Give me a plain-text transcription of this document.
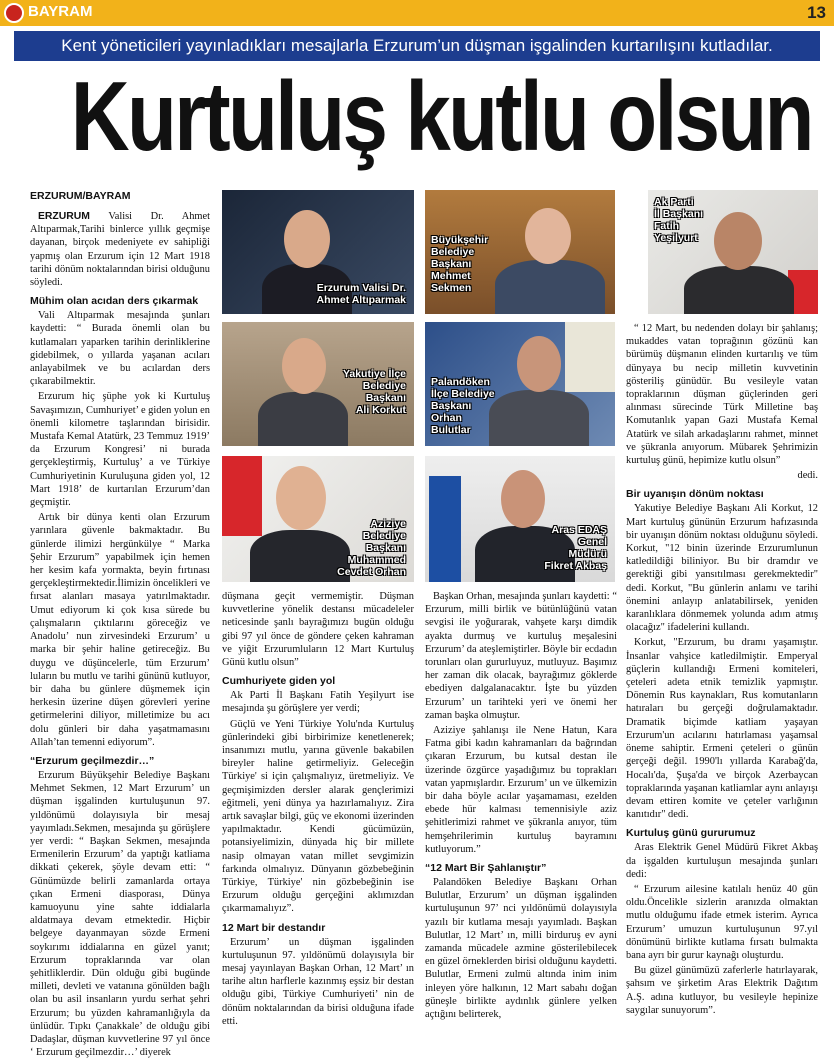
BAYRAM	13
Kent yöneticileri yayınladıkları mesajlarla Erzurum’un düşman işgalinden kurtarılışını kutladılar.
Kurtuluş kutlu olsun
ERZURUM/BAYRAM

ERZURUM Valisi Dr. Ahmet Altıparmak,Tarihi binlerce yıllık geçmişe dayanan, birçok medeniyete ev sahipliği yapmış olan Erzurum için 12 Mart 1918 tarihi dönüm noktalarından birisi olduğunu söyledi.

Mühim olan acıdan ders çıkarmak

Vali Altıparmak mesajında şunları kaydetti: “ Burada önemli olan bu kutlamaları yaparken tarihin derinliklerine gidebilmek, o yıllarda yaşanan acıları anlayabilmek ve bu acılardan ders çıkarabilmektir.

Erzurum hiç şüphe yok ki Kurtuluş Savaşımızın, Cumhuriyet’ e giden yolun en önemli kilometre taşlarından birisidir. Mustafa Kemal Atatürk, 23 Temmuz 1919’ da Erzurum Kongresi’ ni burada gerçekleştirmiş, Kurtuluş’ a ve Türkiye Cumhuriyetinin Kuruluşuna giden yol, 12 Mart 1918’ de kurtarılan Erzurum’dan geçmiştir.

Artık bir dünya kenti olan Erzurum yarınlara güvenle bakmaktadır. Bu günlerde ilimizi hergünkülye “ Marka Şehir Erzurum” yapabilmek için hemen her kesim kafa yormakta, beyin fırtınası gerçekleştirmektedir.İlimizin öncelikleri ve fırsat alanları masaya yatırılmaktadır. Umut ediyorum ki çok kısa sürede bu çalışmaların çıktılarını göreceğiz ve Anadolu’ nun zirvesindeki Erzurum’ u marka bir şehir haline getireceğiz. Bu duygu ve düşüncelerle, tüm Erzurum’ luların bu mutlu ve tarihi gününü kutluyor, bir daha bu günlere düşmemek için herkesin üzerine düşen görevleri yerine getirmelerini diliyor, milletimize bu acı dolu günleri bir daha yaşatmamasını Allah’tan temenni ediyorum”.

“Erzurum geçilmezdir…”

Erzurum Büyükşehir Belediye Başkanı Mehmet Sekmen, 12 Mart Erzurum’ un düşman işgalinden kurtuluşunun 97. yıldönümü dolayısıyla bir mesaj yayımladı.Sekmen, mesajında şu görüşlere yer verdi: “ Başkan Sekmen, mesajında Ermenilerin Erzurum’ da yaptığı katliama dikkati çekerek, şöyle devam etti: “ Günümüzde belirli zamanlarda ortaya çıkan Ermeni diasporası, Dünya kamuoyunu yine sahte iddialarla aldatmaya devam etmektedir. Hiçbir belgeye dayanmayan sözde Ermeni soykırımı iddialarına en güzel yanıt; Erzurum topraklarında var olan şehitliklerdir. Dün olduğu gibi bugünde milleti, devleti ve vatanına gönülden bağlı olan bu asil insanların yurdu serhat şehri Erzurum; bu yüzden kahramanlığıyla da ünlüdür. Tıpkı Çanakkale’ de olduğu gibi Dadaşlar, düşman kuvvetlerine 97 yıl önce ‘ Erzurum geçilmezdir…’ diyerek

Erzurum Valisi Dr.
Ahmet Altıparmak
Büyükşehir
Belediye
Başkanı
Mehmet
Sekmen
Ak Parti
İl Başkanı
Fatih
Yeşilyurt
Yakutiye İlçe
Belediye
Başkanı
Ali Korkut
Palandöken
İlçe Belediye
Başkanı
Orhan
Bulutlar
Aziziye
Belediye
Başkanı
Muhammed
Cevdet Orhan
Aras EDAŞ
Genel
Müdürü
Fikret Akbaş

düşmana geçit vermemiştir. Düşman kuvvetlerine yönelik destansı mücadeleler neticesinde şanlı bayrağımızı bugün olduğu gibi 97 yıl önce de gönderе çeken kahraman ve yiğit Erzurumluların 12 Mart Kurtuluş Günü kutlu olsun”

Cumhuriyete giden yol

Ak Parti İl Başkanı Fatih Yeşilyurt ise mesajında şu görüşlere yer verdi;

Güçlü ve Yeni Türkiye Yolu'nda Kurtuluş günlerindeki gibi birbirimize kenetlenerek; insanımızı mutlu, yarına güvenle bakabilen bireyler haline getirmeliyiz. Geleceğin Türkiye' si için çalışmalıyız, üretmeliyiz. Ve geçmişimizden dersler alarak gençlerimizi eğitmeli, yeni dünya ya hazırlamalıyız. Zira artık savaşlar bilgi, güç ve ekonomi üzerinden yapılmaktadır. Kendi gücümüzün, potansiyelimizin, dünyada hiç bir millete nasip olmayan vatan millet sevgimizin farkında olmalıyız. Dünyanın gözbebeğinin Türkiye, Türkiye' nin gözbebeğinin ise Erzurum olduğu gerçeğini aklımızdan çıkarmamalıyız”.

12 Mart bir destandır

Erzurum’ un düşman işgalinden kurtuluşunun 97. yıldönümü dolayısıyla bir mesaj yayınlayan Başkan Orhan, 12 Mart’ ın tarihe altın harflerle kazınmış eşsiz bir destan olduğu gibi, Türkiye Cumhuriyeti’ nin de dönüm noktalarından da birisi olduğuna ifade etti.

Başkan Orhan, mesajında şunları kaydetti: “ Erzurum, milli birlik ve bütünlüğünü vatan sevgisi ile yoğurarak, vahşete karşı dimdik ayakta durmuş ve kurtuluş meşalesini Erzurum’ da ateşlemiştirler. Böyle bir ecdadın torunları olan gururluyuz, mutluyuz. Başımız her zaman dik olacak, bayrağımız göklerde ebediyen dalgalanacaktır. İşte bu yüzden Erzurum’ un tarihteki yeri ve önemi her zaman başka olmuştur.

Aziziye şahlanışı ile Nene Hatun, Kara Fatma gibi kadın kahramanları da bağrından çıkaran Erzurum, bu kutsal destan ile üzerinde özgürce yaşadığımız bu toprakları vatan yapmışlardır. Erzurum’ un ve ülkemizin bir daha böyle acılar yaşamaması, ezelden ebede hür kalması temennisiyle aziz şehitlerimizi rahmet ve şükranla anıyor, tüm hemşehrilerimin kurtuluş bayramını kutluyorum.”

“12 Mart Bir Şahlanıştır”

Palandöken Belediye Başkanı Orhan Bulutlar, Erzurum’ un düşman işgalinden kurtuluşunun 97’ nci yıldönümü dolayısıyla yazılı bir kutlama mesajı yayımladı. Başkan Bulutlar, 12 Mart’ ın, milli birduruş ev ayni zamanda mücadele azmine gösterilebilecek en güzel örneklerden birisi olduğunu kaydetti. Bulutlar, Ermeni zulmü altında inim inim inleyen yöre halkının, 12 Mart sabahı doğan güneşle birlikte aydınlık günlere yelken açtığını belirterek,

“ 12 Mart, bu nedenden dolayı bir şahlanış; mukaddes vatan toprağının gözünü kan bürümüş düşmanın elinden kurtarılış ve tüm dünyaya bu necip milletin kuvvetinin gösteriliş günüdür. Bu vesileyle vatan topraklarının düşman güçlerinden geri alınması sürecinde Türk Milletine baş Komutanlık yapan Gazi Mustafa Kemal Atatürk ve silah arkadaşlarını rahmet, minnet ve şükranla anıyorum. Mübarek Şehrimizin kurtuluş günü, hepimize kutlu olsun”

dedi.

Bir uyanışın dönüm noktası

Yakutiye Belediye Başkanı Ali Korkut, 12 Mart kurtuluş gününün Erzurum hafızasında bir uyanışın dönüm noktası olduğunu söyledi. Korkut, "12 binin üzerinde Erzurumlunun katledildiği biliniyor. Bu bir dramdır ve gerektiği gibi yansıtılması gerekmektedir" dedi. Korkut, "Bu günlerin anlamı ve tarihi önemini anlayıp anlatabilirsek, yeniden karanlıklara dönmemek yolunda adım atmış olacağız" ifadelerini kullandı.

Korkut, "Erzurum, bu dramı yaşamıştır. İnsanlar vahşice katledilmiştir. Emperyal güçlerin kullandığı Ermeni komiteleri, çeteleri adeta etnik temizlik yapmıştır. Dönemin Rus kaynakları, Rus komutanların hatıraları bu gerçeği doğrulamaktadır. Dramatik biçimde katliam yaşayan Erzurum'un acılarını hatırlaması yaşamsal önemе sahiptir. Ermeni çeteleri o günün gerçeği değil. 1990'lı yıllarda Karabağ'da, Hocalı'da, Şuşa'da ve birçok Azerbaycan topraklarında yaşanan katliamlar aynı anlayışı devam ettiren komite ve çeteler varlığının kanıtıdır" dedi.

Kurtuluş günü gururumuz

Aras Elektrik Genel Müdürü Fikret Akbaş da işgalden kurtuluşun mesajında şunları dedi:

“ Erzurum ailesine katılalı henüz 40 gün oldu.Öncelikle sizlerin aranızda olmaktan mutlu olduğumu ifade etmek isterim. Ayrıca Erzurum’ umuzun kurtuluşunun 97.yıl dönümünü birlikte kutlama fırsatı bulmakta bana ayrı bir gurur kaynağı oluşturdu.

Bu güzel günümüzü zaferlerle hatırlayarak, şahsım ve şirketim Aras Elektrik Dağıtım A.Ş. adına kutluyor, bu vesileyle hepinize saygılar sunuyorum”.
